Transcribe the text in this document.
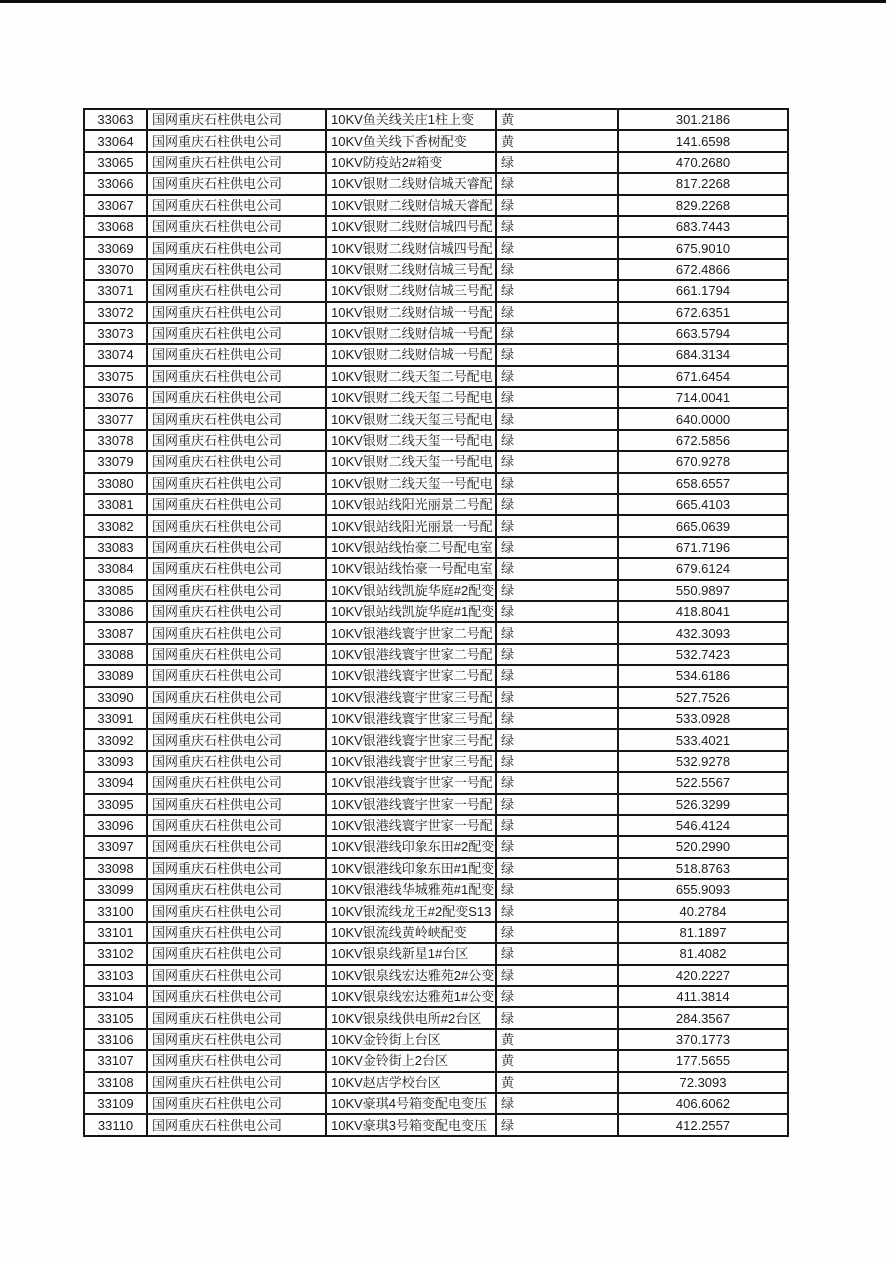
33063	国网重庆石柱供电公司	10KV鱼关线关庄1柱上变	黄	301.2186
33064	国网重庆石柱供电公司	10KV鱼关线下香树配变	黄	141.6598
33065	国网重庆石柱供电公司	10KV防疫站2#箱变	绿	470.2680
33066	国网重庆石柱供电公司	10KV银财二线财信城天睿配	绿	817.2268
33067	国网重庆石柱供电公司	10KV银财二线财信城天睿配	绿	829.2268
33068	国网重庆石柱供电公司	10KV银财二线财信城四号配	绿	683.7443
33069	国网重庆石柱供电公司	10KV银财二线财信城四号配	绿	675.9010
33070	国网重庆石柱供电公司	10KV银财二线财信城三号配	绿	672.4866
33071	国网重庆石柱供电公司	10KV银财二线财信城三号配	绿	661.1794
33072	国网重庆石柱供电公司	10KV银财二线财信城一号配	绿	672.6351
33073	国网重庆石柱供电公司	10KV银财二线财信城一号配	绿	663.5794
33074	国网重庆石柱供电公司	10KV银财二线财信城一号配	绿	684.3134
33075	国网重庆石柱供电公司	10KV银财二线天玺二号配电	绿	671.6454
33076	国网重庆石柱供电公司	10KV银财二线天玺二号配电	绿	714.0041
33077	国网重庆石柱供电公司	10KV银财二线天玺三号配电	绿	640.0000
33078	国网重庆石柱供电公司	10KV银财二线天玺一号配电	绿	672.5856
33079	国网重庆石柱供电公司	10KV银财二线天玺一号配电	绿	670.9278
33080	国网重庆石柱供电公司	10KV银财二线天玺一号配电	绿	658.6557
33081	国网重庆石柱供电公司	10KV银站线阳光丽景二号配	绿	665.4103
33082	国网重庆石柱供电公司	10KV银站线阳光丽景一号配	绿	665.0639
33083	国网重庆石柱供电公司	10KV银站线怡豪二号配电室	绿	671.7196
33084	国网重庆石柱供电公司	10KV银站线怡豪一号配电室	绿	679.6124
33085	国网重庆石柱供电公司	10KV银站线凯旋华庭#2配变	绿	550.9897
33086	国网重庆石柱供电公司	10KV银站线凯旋华庭#1配变	绿	418.8041
33087	国网重庆石柱供电公司	10KV银港线寰宇世家二号配	绿	432.3093
33088	国网重庆石柱供电公司	10KV银港线寰宇世家二号配	绿	532.7423
33089	国网重庆石柱供电公司	10KV银港线寰宇世家二号配	绿	534.6186
33090	国网重庆石柱供电公司	10KV银港线寰宇世家三号配	绿	527.7526
33091	国网重庆石柱供电公司	10KV银港线寰宇世家三号配	绿	533.0928
33092	国网重庆石柱供电公司	10KV银港线寰宇世家三号配	绿	533.4021
33093	国网重庆石柱供电公司	10KV银港线寰宇世家三号配	绿	532.9278
33094	国网重庆石柱供电公司	10KV银港线寰宇世家一号配	绿	522.5567
33095	国网重庆石柱供电公司	10KV银港线寰宇世家一号配	绿	526.3299
33096	国网重庆石柱供电公司	10KV银港线寰宇世家一号配	绿	546.4124
33097	国网重庆石柱供电公司	10KV银港线印象东田#2配变	绿	520.2990
33098	国网重庆石柱供电公司	10KV银港线印象东田#1配变	绿	518.8763
33099	国网重庆石柱供电公司	10KV银港线华城雅苑#1配变	绿	655.9093
33100	国网重庆石柱供电公司	10KV银流线龙王#2配变S13	绿	40.2784
33101	国网重庆石柱供电公司	10KV银流线黄岭峡配变	绿	81.1897
33102	国网重庆石柱供电公司	10KV银泉线新星1#台区	绿	81.4082
33103	国网重庆石柱供电公司	10KV银泉线宏达雅苑2#公变	绿	420.2227
33104	国网重庆石柱供电公司	10KV银泉线宏达雅苑1#公变	绿	411.3814
33105	国网重庆石柱供电公司	10KV银泉线供电所#2台区	绿	284.3567
33106	国网重庆石柱供电公司	10KV金铃街上台区	黄	370.1773
33107	国网重庆石柱供电公司	10KV金铃街上2台区	黄	177.5655
33108	国网重庆石柱供电公司	10KV赵店学校台区	黄	72.3093
33109	国网重庆石柱供电公司	10KV豪琪4号箱变配电变压	绿	406.6062
33110	国网重庆石柱供电公司	10KV豪琪3号箱变配电变压	绿	412.2557
